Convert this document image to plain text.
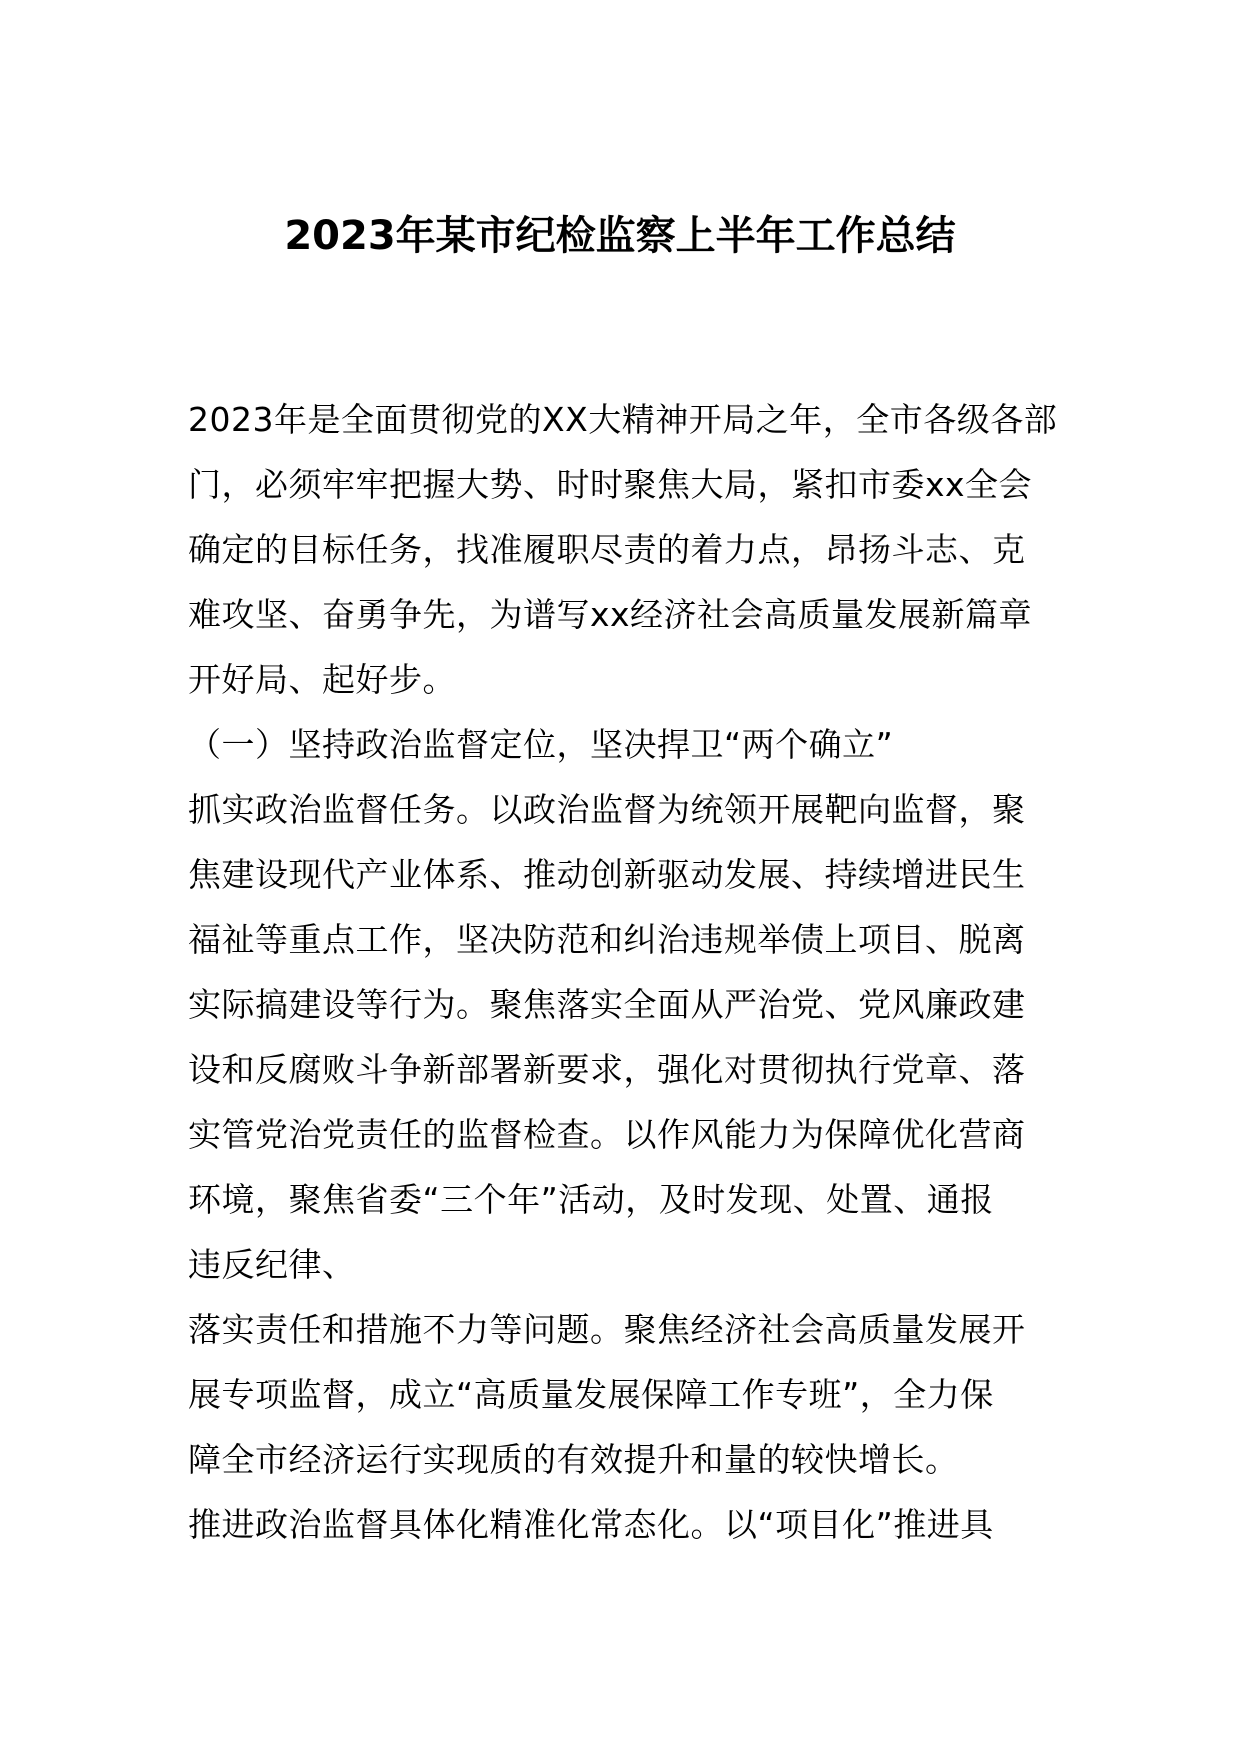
2023年某市纪检监察上半年工作总结
2023年是全面贯彻党的XX大精神开局之年，全市各级各部
门，必须牢牢把握大势、时时聚焦大局，紧扣市委xx全会
确定的目标任务，找准履职尽责的着力点，昂扬斗志、克
难攻坚、奋勇争先，为谱写xx经济社会高质量发展新篇章
开好局、起好步。
（一）坚持政治监督定位，坚决捍卫“两个确立”
抓实政治监督任务。以政治监督为统领开展靶向监督，聚
焦建设现代产业体系、推动创新驱动发展、持续增进民生
福祉等重点工作，坚决防范和纠治违规举债上项目、脱离
实际搞建设等行为。聚焦落实全面从严治党、党风廉政建
设和反腐败斗争新部署新要求，强化对贯彻执行党章、落
实管党治党责任的监督检查。以作风能力为保障优化营商
环境，聚焦省委“三个年”活动，及时发现、处置、通报
违反纪律、
落实责任和措施不力等问题。聚焦经济社会高质量发展开
展专项监督，成立“高质量发展保障工作专班”，全力保
障全市经济运行实现质的有效提升和量的较快增长。
推进政治监督具体化精准化常态化。以“项目化”推进具
